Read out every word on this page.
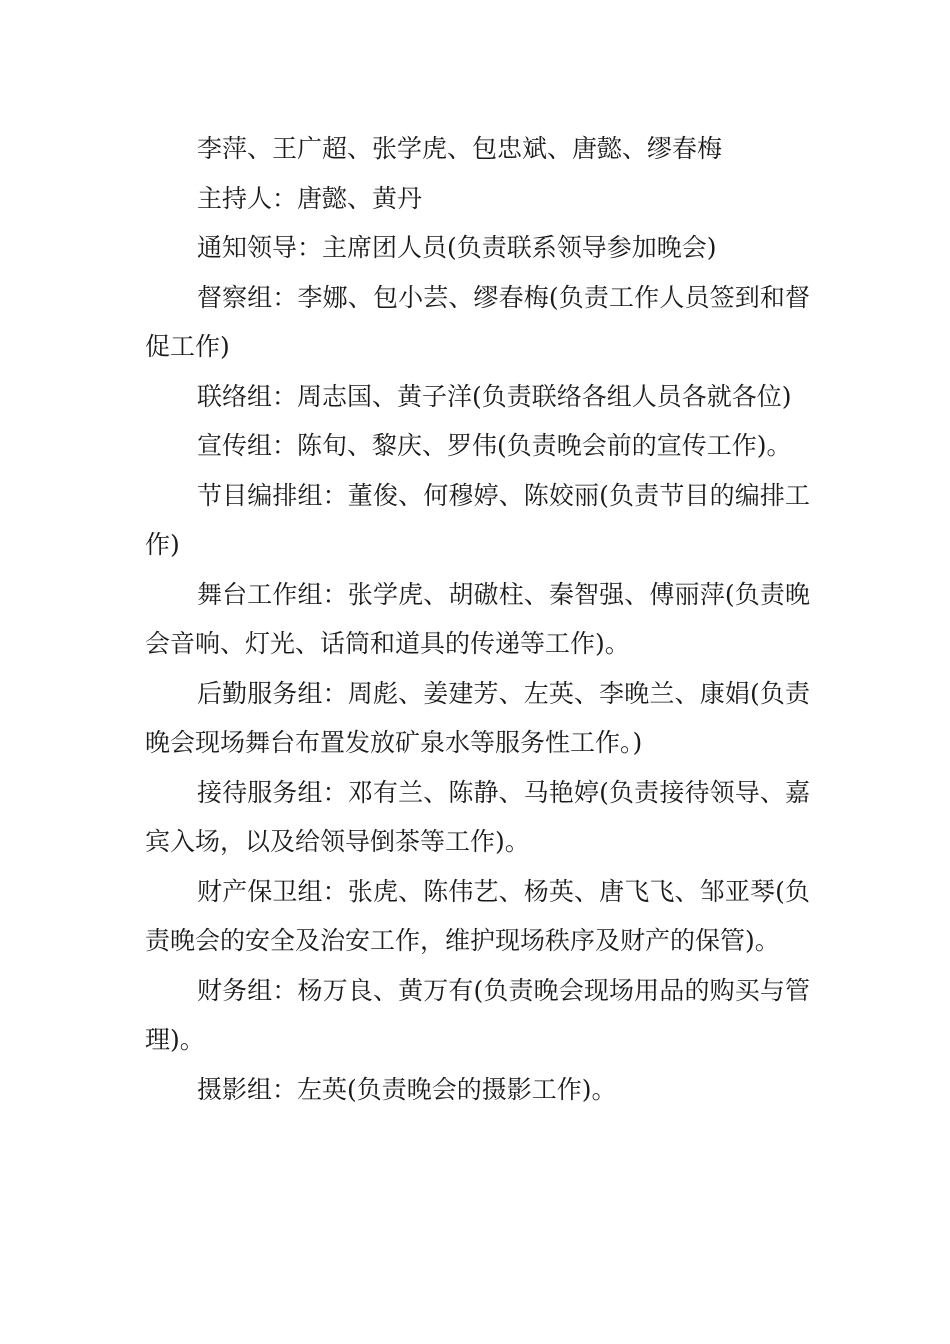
李萍、王广超、张学虎、包忠斌、唐懿、缪春梅

主持人：唐懿、黄丹

通知领导：主席团人员(负责联系领导参加晚会)

督察组：李娜、包小芸、缪春梅(负责工作人员签到和督促工作)

联络组：周志国、黄子洋(负责联络各组人员各就各位)

宣传组：陈旬、黎庆、罗伟(负责晚会前的宣传工作)。

节目编排组：董俊、何穆婷、陈姣丽(负责节目的编排工作)

舞台工作组：张学虎、胡磝柱、秦智强、傅丽萍(负责晚会音响、灯光、话筒和道具的传递等工作)。

后勤服务组：周彪、姜建芳、左英、李晚兰、康娟(负责晚会现场舞台布置发放矿泉水等服务性工作。)

接待服务组：邓有兰、陈静、马艳婷(负责接待领导、嘉宾入场，以及给领导倒茶等工作)。

财产保卫组：张虎、陈伟艺、杨英、唐飞飞、邹亚琴(负责晚会的安全及治安工作，维护现场秩序及财产的保管)。

财务组：杨万良、黄万有(负责晚会现场用品的购买与管理)。

摄影组：左英(负责晚会的摄影工作)。
